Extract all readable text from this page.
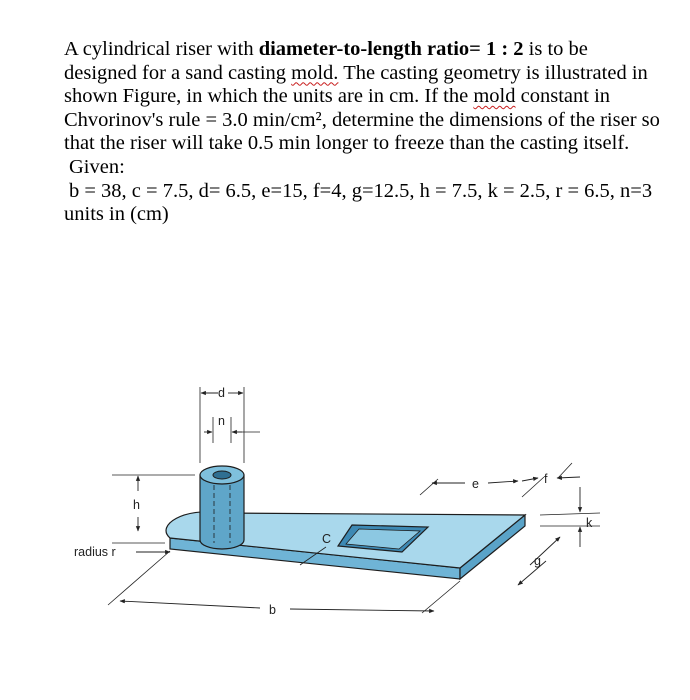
A cylindrical riser with diameter-to-length ratio= 1 : 2 is to be designed for a sand casting mold. The casting geometry is illustrated in shown Figure, in which the units are in cm. If the mold constant in Chvorinov's rule = 3.0 min/cm², determine the dimensions of the riser so that the riser will take 0.5 min longer to freeze than the casting itself.

Given:

b = 38, c = 7.5, d= 6.5, e=15, f=4, g=12.5, h = 7.5, k = 2.5, r = 6.5, n=3

units in (cm)

d
n
h
radius r
C
e	f
k
g
b
